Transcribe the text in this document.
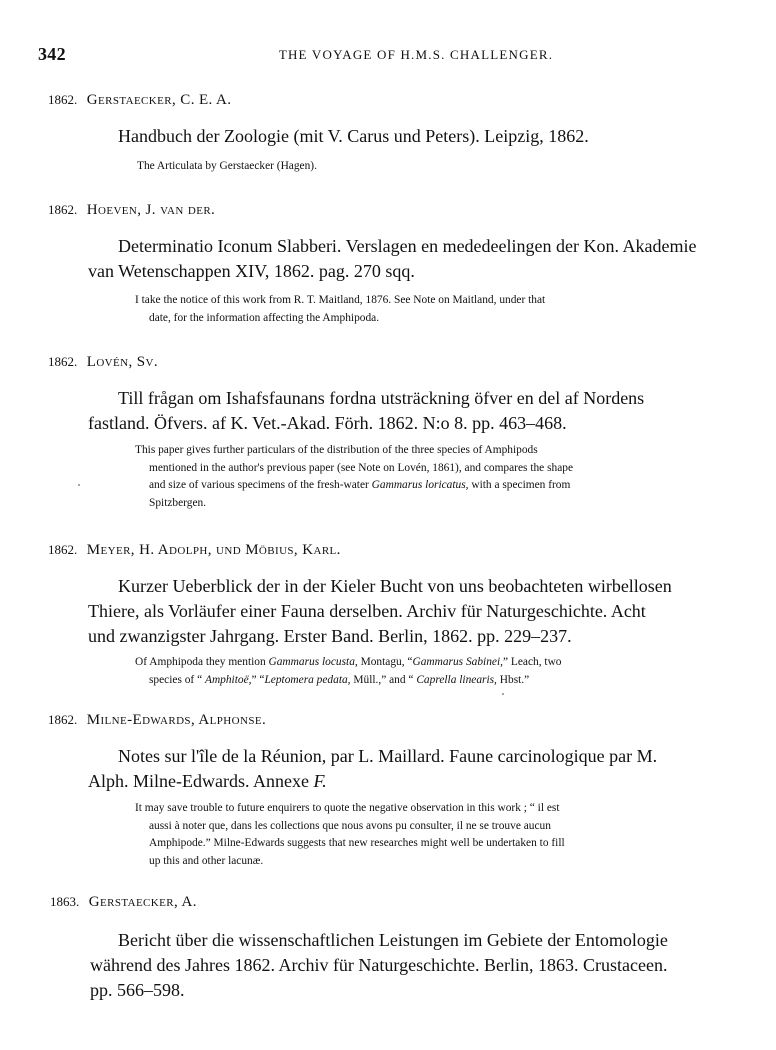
342	THE VOYAGE OF H.M.S. CHALLENGER.
1862. Gerstaecker, C. E. A.
Handbuch der Zoologie (mit V. Carus und Peters). Leipzig, 1862.
The Articulata by Gerstaecker (Hagen).
1862. Hoeven, J. van der.
Determinatio Iconum Slabberi. Verslagen en mededeelingen der Kon. Akademie
van Wetenschappen XIV, 1862. pag. 270 sqq.
I take the notice of this work from R. T. Maitland, 1876. See Note on Maitland, under that
date, for the information affecting the Amphipoda.
1862. Lovén, Sv.
Till frågan om Ishafsfaunans fordna utsträckning öfver en del af Nordens
fastland. Öfvers. af K. Vet.-Akad. Förh. 1862. N:o 8. pp. 463–468.
This paper gives further particulars of the distribution of the three species of Amphipods
mentioned in the author's previous paper (see Note on Lovén, 1861), and compares the shape
and size of various specimens of the fresh-water Gammarus loricatus, with a specimen from
Spitzbergen.
1862. Meyer, H. Adolph, und Möbius, Karl.
Kurzer Ueberblick der in der Kieler Bucht von uns beobachteten wirbellosen
Thiere, als Vorläufer einer Fauna derselben. Archiv für Naturgeschichte. Acht
und zwanzigster Jahrgang. Erster Band. Berlin, 1862. pp. 229–237.
Of Amphipoda they mention Gammarus locusta, Montagu, “Gammarus Sabinei,” Leach, two
species of “ Amphitoë,” “Leptomera pedata, Müll.,” and “ Caprella linearis, Hbst.”
1862. Milne-Edwards, Alphonse.
Notes sur l'île de la Réunion, par L. Maillard. Faune carcinologique par M.
Alph. Milne-Edwards. Annexe F.
It may save trouble to future enquirers to quote the negative observation in this work ; “ il est
aussi à noter que, dans les collections que nous avons pu consulter, il ne se trouve aucun
Amphipode.” Milne-Edwards suggests that new researches might well be undertaken to fill
up this and other lacunæ.
1863. Gerstaecker, A.
Bericht über die wissenschaftlichen Leistungen im Gebiete der Entomologie
während des Jahres 1862. Archiv für Naturgeschichte. Berlin, 1863. Crustaceen.
pp. 566–598.
